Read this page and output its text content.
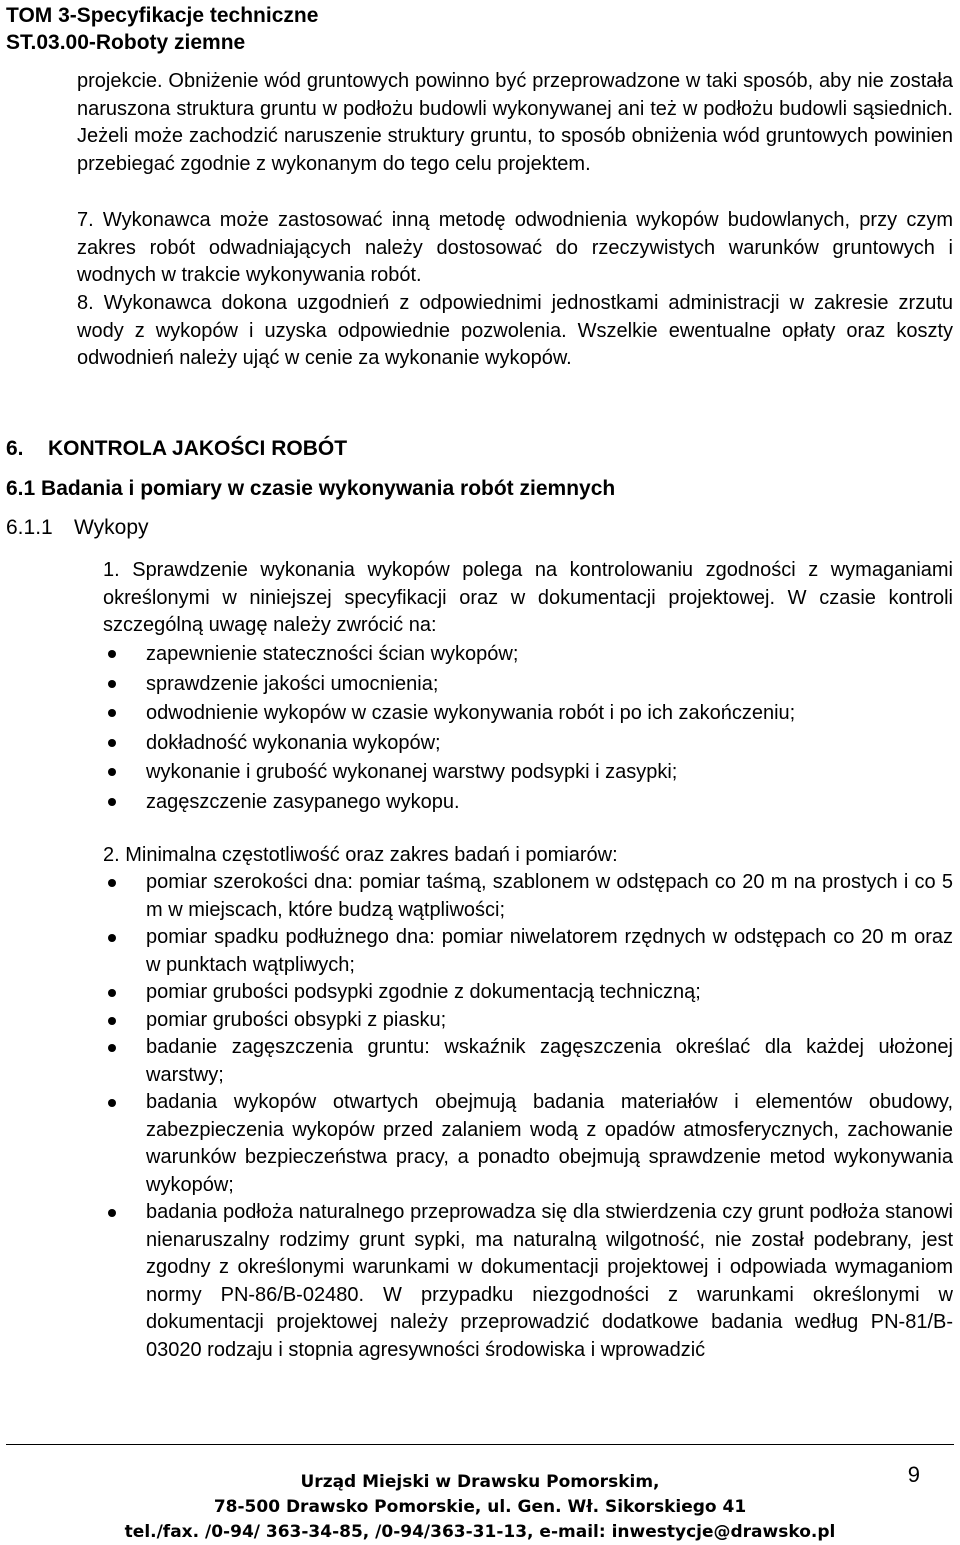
TOM 3-Specyfikacje techniczne
ST.03.00-Roboty ziemne
projekcie. Obniżenie wód gruntowych powinno być przeprowadzone w taki sposób, aby nie została naruszona struktura gruntu w podłożu budowli wykonywanej ani też w podłożu budowli sąsiednich. Jeżeli może zachodzić naruszenie struktury gruntu, to sposób obniżenia wód gruntowych powinien przebiegać zgodnie z wykonanym do tego celu projektem.
7. Wykonawca może zastosować inną metodę odwodnienia wykopów budowlanych, przy czym zakres robót odwadniających należy dostosować do rzeczywistych warunków gruntowych i wodnych w trakcie wykonywania robót.
8. Wykonawca dokona uzgodnień z odpowiednimi jednostkami administracji w zakresie zrzutu wody z wykopów i uzyska odpowiednie pozwolenia. Wszelkie ewentualne opłaty oraz koszty odwodnień należy ująć w cenie za wykonanie wykopów.
6. KONTROLA JAKOŚCI ROBÓT
6.1 Badania i pomiary w czasie wykonywania robót ziemnych
6.1.1 Wykopy
1. Sprawdzenie wykonania wykopów polega na kontrolowaniu zgodności z wymaganiami określonymi w niniejszej specyfikacji oraz w dokumentacji projektowej. W czasie kontroli szczególną uwagę należy zwrócić na:
zapewnienie stateczności ścian wykopów;
sprawdzenie jakości umocnienia;
odwodnienie wykopów w czasie wykonywania robót i po ich zakończeniu;
dokładność wykonania wykopów;
wykonanie i grubość wykonanej warstwy podsypki i zasypki;
zagęszczenie zasypanego wykopu.
2. Minimalna częstotliwość oraz zakres badań i pomiarów:
pomiar szerokości dna: pomiar taśmą, szablonem w odstępach co 20 m na prostych i co 5 m w miejscach, które budzą wątpliwości;
pomiar spadku podłużnego dna: pomiar niwelatorem rzędnych w odstępach co 20 m oraz w punktach wątpliwych;
pomiar grubości podsypki zgodnie z dokumentacją techniczną;
pomiar grubości obsypki z piasku;
badanie zagęszczenia gruntu: wskaźnik zagęszczenia określać dla każdej ułożonej warstwy;
badania wykopów otwartych obejmują badania materiałów i elementów obudowy, zabezpieczenia wykopów przed zalaniem wodą z opadów atmosferycznych, zachowanie warunków bezpieczeństwa pracy, a ponadto obejmują sprawdzenie metod wykonywania wykopów;
badania podłoża naturalnego przeprowadza się dla stwierdzenia czy grunt podłoża stanowi nienaruszalny rodzimy grunt sypki, ma naturalną wilgotność, nie został podebrany, jest zgodny z określonymi warunkami w dokumentacji projektowej i odpowiada wymaganiom normy PN-86/B-02480. W przypadku niezgodności z warunkami określonymi w dokumentacji projektowej należy przeprowadzić dodatkowe badania według PN-81/B-03020 rodzaju i stopnia agresywności środowiska i wprowadzić
9
Urząd Miejski w Drawsku Pomorskim,
78-500 Drawsko Pomorskie, ul. Gen. Wł. Sikorskiego 41
tel./fax. /0-94/ 363-34-85, /0-94/363-31-13, e-mail: inwestycje@drawsko.pl
